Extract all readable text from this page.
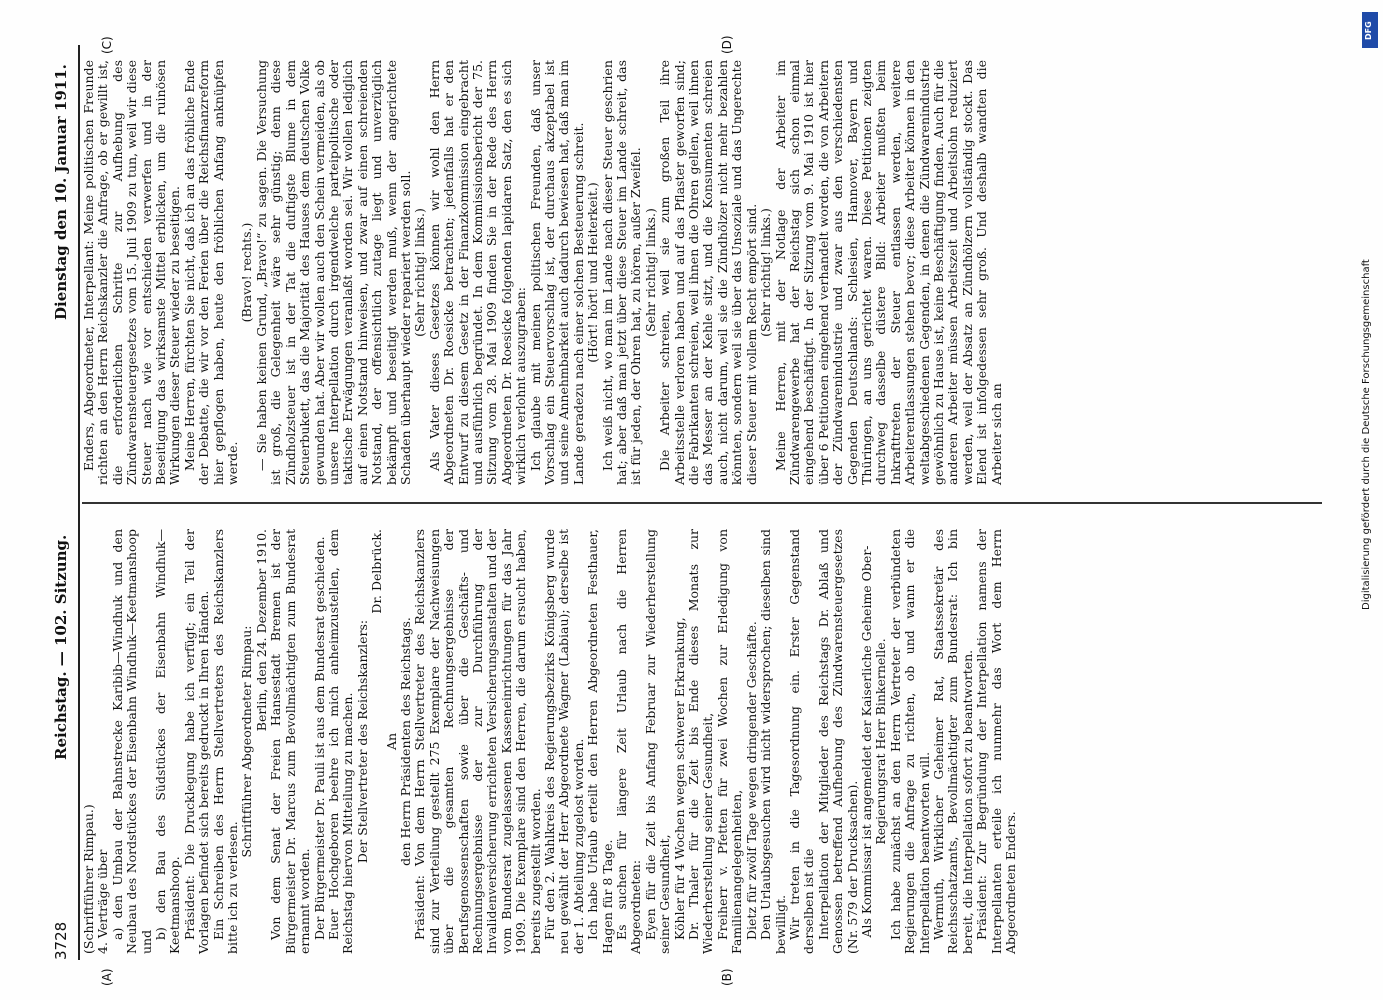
3728
Reichstag. — 102. Sitzung.
Dienstag den 10. Januar 1911.
(A)	(B)
(C)	(D)

(Schriftführer Rimpau.) 4. Verträge über a) den Umbau der Bahnstrecke Karibib—Windhuk und den Neubau des Nordstückes der Eisenbahn Windhuk—Keetmanshoop und

b) den Bau des Südstückes der Eisenbahn Windhuk—Keetmanshoop. Präsident: Die Drucklegung habe ich verfügt; ein Teil der Vorlagen befindet sich bereits gedruckt in Ihren Händen. Ein Schreiben des Herrn Stellvertreters des Reichskanzlers bitte ich zu verlesen.

Schriftführer Abgeordneter Rimpau: Berlin, den 24. Dezember 1910. Von dem Senat der Freien Hansestadt Bremen ist der Bürgermeister Dr. Marcus zum Bevollmächtigten zum Bundesrat ernannt worden. Der Bürgermeister Dr. Pauli ist aus dem Bundesrat geschieden. Euer Hochgeboren beehre ich mich anheimzustellen, dem Reichstag hiervon Mitteilung zu machen. Der Stellvertreter des Reichskanzlers:

Dr. Delbrück.

An den Herrn Präsidenten des Reichstags. Präsident: Von dem Herrn Stellvertreter des Reichskanzlers sind zur Verteilung gestellt 275 Exemplare der Nachweisungen über die gesamten Rechnungsergebnisse der Berufsgenossenschaften sowie über die Geschäfts- und Rechnungsergebnisse der zur Durchführung der Invalidenversicherung errichteten Versicherungsanstalten und der vom Bundesrat zugelassenen Kasseneinrichtungen für das Jahr 1909. Die Exemplare sind den Herren, die darum ersucht haben, bereits zugestellt worden. Für den 2. Wahlkreis des Regierungsbezirks Königsberg wurde neu gewählt der Herr Abgeordnete Wagner (Labiau); derselbe ist der 1. Abteilung zugelost worden. Ich habe Urlaub erteilt den Herren Abgeordneten Festhauer, Hagen für 8 Tage. Es suchen für längere Zeit Urlaub nach die Herren Abgeordneten: Eyen für die Zeit bis Anfang Februar zur Wiederherstellung seiner Gesundheit, Köhler für 4 Wochen wegen schwerer Erkrankung, Dr. Thaler für die Zeit bis Ende dieses Monats zur Wiederherstellung seiner Gesundheit, Freiherr v. Pfetten für zwei Wochen zur Erledigung von Familienangelegenheiten, Dietz für zwölf Tage wegen dringender Geschäfte. Den Urlaubsgesuchen wird nicht widersprochen; dieselben sind bewilligt. Wir treten in die Tagesordnung ein. Erster Gegenstand derselben ist die Interpellation der Mitglieder des Reichstags Dr. Ablaß und Genossen betreffend Aufhebung des Zündwarensteuergesetzes (Nr. 579 der Drucksachen). Als Kommissar ist angemeldet der Kaiserliche Geheime Ober-Regierungsrat Herr Binkernelle. Ich habe zunächst an den Herrn Vertreter der verbündeten Regierungen die Anfrage zu richten, ob und wann er die Interpellation beantworten will. Wermuth, Wirklicher Geheimer Rat, Staatssekretär des Reichsschatzamts, Bevollmächtigter zum Bundesrat: Ich bin bereit, die Interpellation sofort zu beantworten. Präsident: Zur Begründung der Interpellation namens der Interpellanten erteile ich nunmehr das Wort dem Herrn Abgeordneten Enders.

Enders, Abgeordneter, Interpellant: Meine politischen Freunde richten an den Herrn Reichskanzler die Anfrage, ob er gewillt ist, die erforderlichen Schritte zur Aufhebung des Zündwarensteuergesetzes vom 15. Juli 1909 zu tun, weil wir diese Steuer nach wie vor entschieden verwerfen und in der Beseitigung das wirksamste Mittel erblicken, um die ruinösen Wirkungen dieser Steuer wieder zu beseitigen. Meine Herren, fürchten Sie nicht, daß ich an das fröhliche Ende der Debatte, die wir vor den Ferien über die Reichsfinanzreform hier gepflogen haben, heute den fröhlichen Anfang anknüpfen werde.

(Bravo! rechts.) — Sie haben keinen Grund, „Bravo!“ zu sagen. Die Versuchung ist groß, die Gelegenheit wäre sehr günstig; denn diese Zündholzsteuer ist in der Tat die duftigste Blume in dem Steuerbukett, das die Majorität des Hauses dem deutschen Volke gewunden hat. Aber wir wollen auch den Schein vermeiden, als ob unsere Interpellation durch irgendwelche parteipolitische oder taktische Erwägungen veranlaßt worden sei. Wir wollen lediglich auf einen Notstand hinweisen, und zwar auf einen schreienden Notstand, der offensichtlich zutage liegt und unverzüglich bekämpft und beseitigt werden muß, wenn der angerichtete Schaden überhaupt wieder repariert werden soll. (Sehr richtig! links.) Als Vater dieses Gesetzes können wir wohl den Herrn Abgeordneten Dr. Roesicke betrachten; jedenfalls hat er den Entwurf zu diesem Gesetz in der Finanzkommission eingebracht und ausführlich begründet. In dem Kommissionsbericht der 75. Sitzung vom 28. Mai 1909 finden Sie in der Rede des Herrn Abgeordneten Dr. Roesicke folgenden lapidaren Satz, den es sich wirklich verlohnt auszugraben: Ich glaube mit meinen politischen Freunden, daß unser Vorschlag ein Steuervorschlag ist, der durchaus akzeptabel ist und seine Annehmbarkeit auch dadurch bewiesen hat, daß man im Lande geradezu nach einer solchen Besteuerung schreit. (Hört! hört! und Heiterkeit.) Ich weiß nicht, wo man im Lande nach dieser Steuer geschrien hat; aber daß man jetzt über diese Steuer im Lande schreit, das ist für jeden, der Ohren hat, zu hören, außer Zweifel. (Sehr richtig! links.) Die Arbeiter schreien, weil sie zum großen Teil ihre Arbeitsstelle verloren haben und auf das Pflaster geworfen sind; die Fabrikanten schreien, weil ihnen die Ohren gellen, weil ihnen das Messer an der Kehle sitzt, und die Konsumenten schreien auch, nicht darum, weil sie die Zündhölzer nicht mehr bezahlen könnten, sondern weil sie über das Unsoziale und das Ungerechte dieser Steuer mit vollem Recht empört sind. (Sehr richtig! links.) Meine Herren, mit der Notlage der Arbeiter im Zündwarengewerbe hat der Reichstag sich schon einmal eingehend beschäftigt. In der Sitzung vom 9. Mai 1910 ist hier über 6 Petitionen eingehend verhandelt worden, die von Arbeitern der Zündwarenindustrie und zwar aus den verschiedensten Gegenden Deutschlands: Schlesien, Hannover, Bayern und Thüringen, an uns gerichtet waren. Diese Petitionen zeigten durchweg dasselbe düstere Bild: Arbeiter mußten beim Inkrafttreten der Steuer entlassen werden, weitere Arbeiterentlassungen stehen bevor; diese Arbeiter können in den weltabgeschiedenen Gegenden, in denen die Zündwarenindustrie gewöhnlich zu Hause ist, keine Beschäftigung finden. Auch für die anderen Arbeiter müssen Arbeitszeit und Arbeitslohn reduziert werden, weil der Absatz an Zündhölzern vollständig stockt. Das Elend ist infolgedessen sehr groß. Und deshalb wandten die Arbeiter sich an	Digitalisierung gefördert durch die Deutsche Forschungsgemeinschaft
DFG
